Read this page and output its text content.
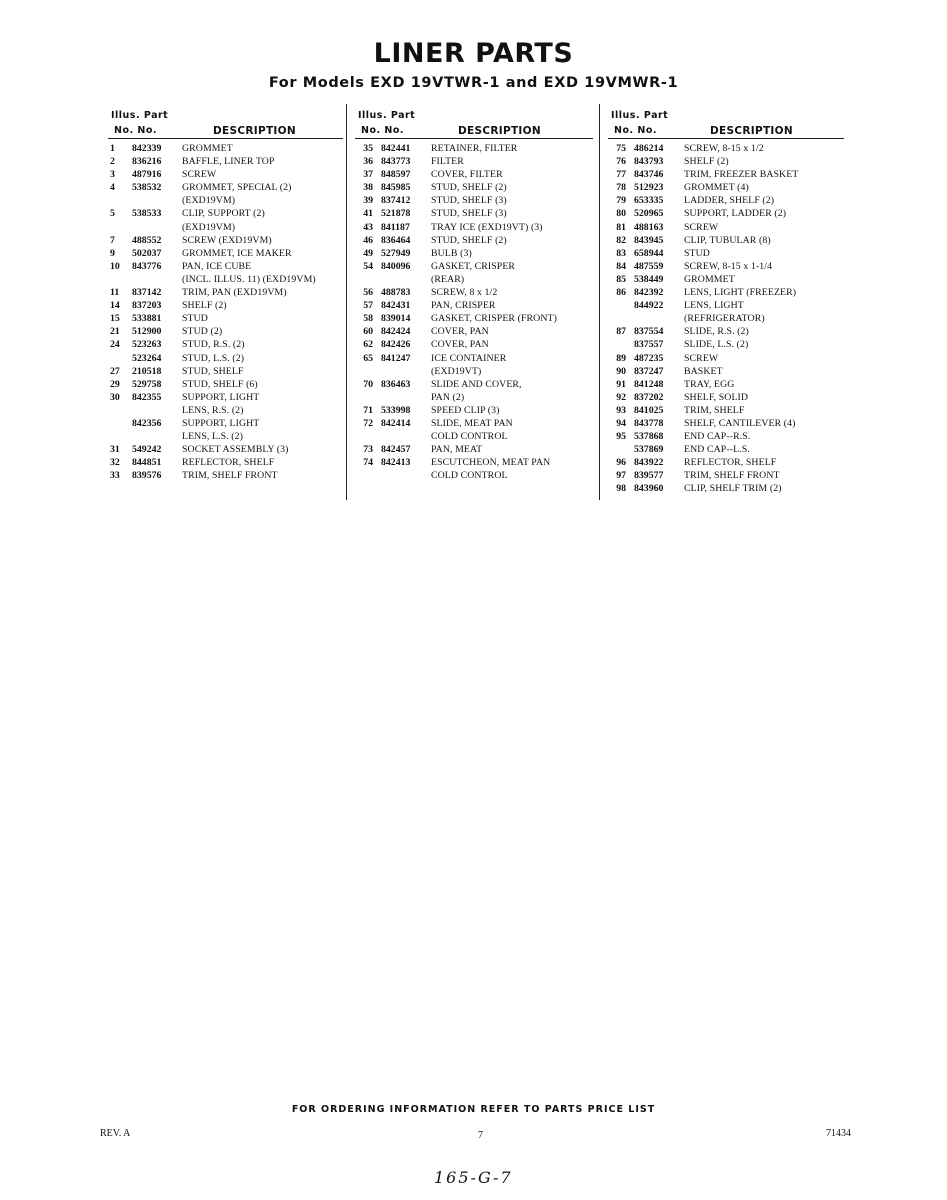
LINER PARTS
For Models EXD 19VTWR-1 and EXD 19VMWR-1
Illus. Part
No. No.	DESCRIPTION
1	842339	GROMMET
2	836216	BAFFLE, LINER TOP
3	487916	SCREW
4	538532	GROMMET, SPECIAL (2)
(EXD19VM)
5	538533	CLIP, SUPPORT (2)
(EXD19VM)
7	488552	SCREW (EXD19VM)
9	502037	GROMMET, ICE MAKER
10	843776	PAN, ICE CUBE
(INCL. ILLUS. 11) (EXD19VM)
11	837142	TRIM, PAN (EXD19VM)
14	837203	SHELF (2)
15	533881	STUD
21	512900	STUD (2)
24	523263	STUD, R.S. (2)
523264	STUD, L.S. (2)
27	210518	STUD, SHELF
29	529758	STUD, SHELF (6)
30	842355	SUPPORT, LIGHT
LENS, R.S. (2)
842356	SUPPORT, LIGHT
LENS, L.S. (2)
31	549242	SOCKET ASSEMBLY (3)
32	844851	REFLECTOR, SHELF
33	839576	TRIM, SHELF FRONT
Illus. Part
No. No.	DESCRIPTION
35 842441	RETAINER, FILTER
36 843773	FILTER
37 848597	COVER, FILTER
38 845985	STUD, SHELF (2)
39 837412	STUD, SHELF (3)
41 521878	STUD, SHELF (3)
43 841187	TRAY ICE (EXD19VT) (3)
46 836464	STUD, SHELF (2)
49 527949	BULB (3)
54 840096	GASKET, CRISPER
(REAR)
56 488783	SCREW, 8 x 1/2
57 842431	PAN, CRISPER
58 839014	GASKET, CRISPER (FRONT)
60 842424	COVER, PAN
62 842426	COVER, PAN
65 841247	ICE CONTAINER
(EXD19VT)
70 836463	SLIDE AND COVER,
PAN (2)
71 533998	SPEED CLIP (3)
72 842414	SLIDE, MEAT PAN
COLD CONTROL
73 842457	PAN, MEAT
74 842413	ESCUTCHEON, MEAT PAN
COLD CONTROL
Illus. Part
No. No.	DESCRIPTION
75 486214	SCREW, 8-15 x 1/2
76 843793	SHELF (2)
77 843746	TRIM, FREEZER BASKET
78 512923	GROMMET (4)
79 653335	LADDER, SHELF (2)
80 520965	SUPPORT, LADDER (2)
81 488163	SCREW
82 843945	CLIP, TUBULAR (8)
83 658944	STUD
84 487559	SCREW, 8-15 x 1-1/4
85 538449	GROMMET
86 842392	LENS, LIGHT (FREEZER)
844922	LENS, LIGHT
(REFRIGERATOR)
87 837554	SLIDE, R.S. (2)
837557	SLIDE, L.S. (2)
89 487235	SCREW
90 837247	BASKET
91 841248	TRAY, EGG
92 837202	SHELF, SOLID
93 841025	TRIM, SHELF
94 843778	SHELF, CANTILEVER (4)
95 537868	END CAP--R.S.
537869	END CAP--L.S.
96 843922	REFLECTOR, SHELF
97 839577	TRIM, SHELF FRONT
98 843960	CLIP, SHELF TRIM (2)
FOR ORDERING INFORMATION REFER TO PARTS PRICE LIST
REV. A	7	71434
165-G-7
